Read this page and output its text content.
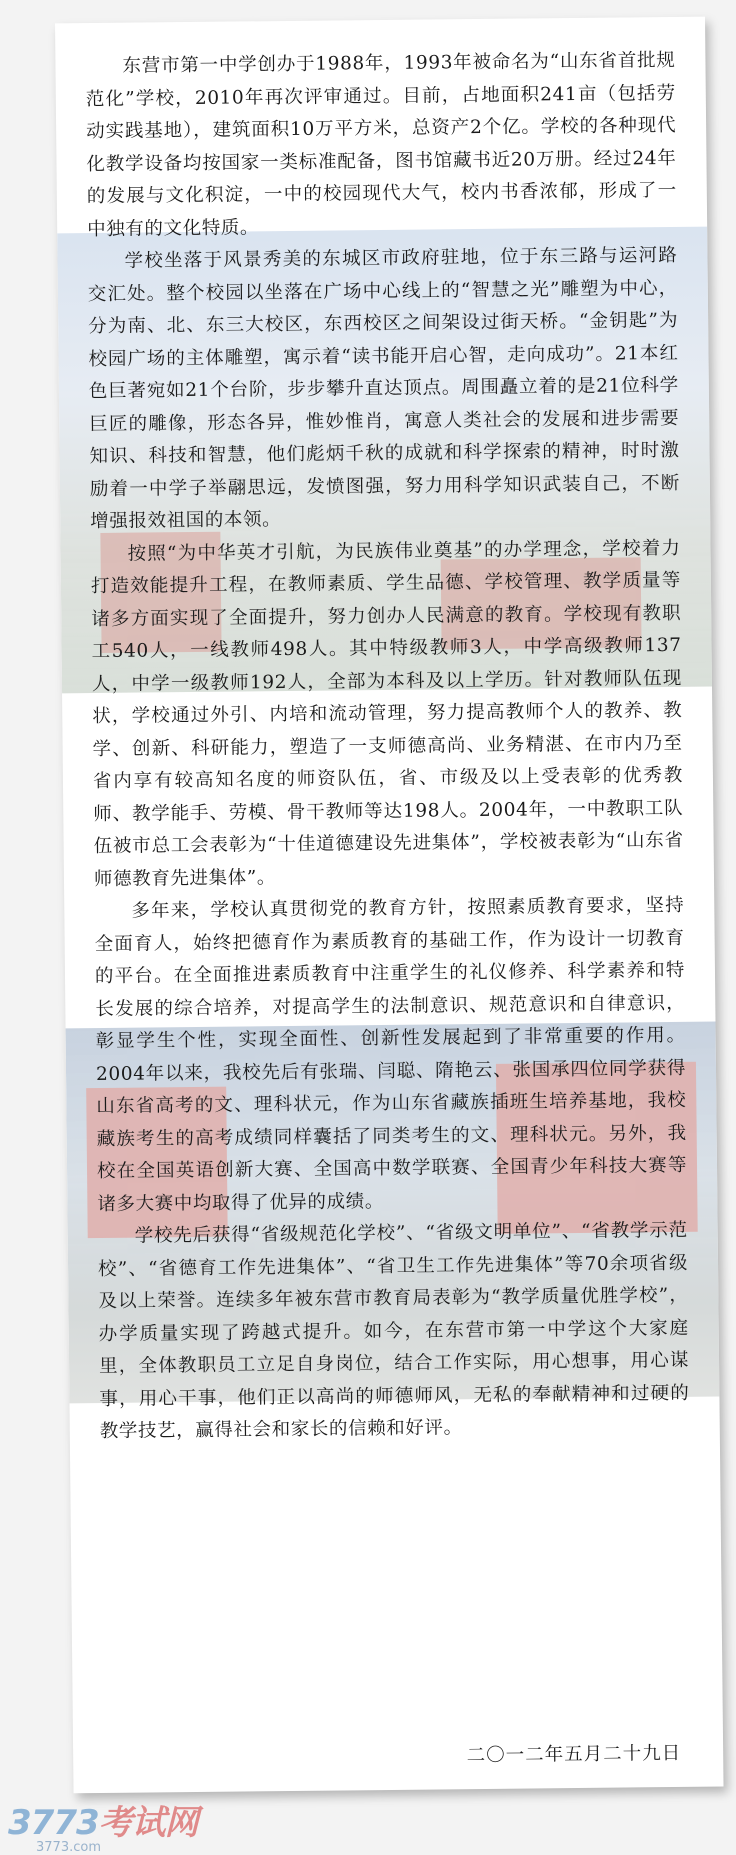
东营市第一中学创办于1988年，1993年被命名为“山东省首批规范化”学校，2010年再次评审通过。目前，占地面积241亩（包括劳动实践基地），建筑面积10万平方米，总资产2个亿。学校的各种现代化教学设备均按国家一类标准配备，图书馆藏书近20万册。经过24年的发展与文化积淀，一中的校园现代大气，校内书香浓郁，形成了一中独有的文化特质。

学校坐落于风景秀美的东城区市政府驻地，位于东三路与运河路交汇处。整个校园以坐落在广场中心线上的“智慧之光”雕塑为中心，分为南、北、东三大校区，东西校区之间架设过街天桥。“金钥匙”为校园广场的主体雕塑，寓示着“读书能开启心智，走向成功”。21本红色巨著宛如21个台阶，步步攀升直达顶点。周围矗立着的是21位科学巨匠的雕像，形态各异，惟妙惟肖，寓意人类社会的发展和进步需要知识、科技和智慧，他们彪炳千秋的成就和科学探索的精神，时时激励着一中学子举翮思远，发愤图强，努力用科学知识武装自己，不断增强报效祖国的本领。

按照“为中华英才引航，为民族伟业奠基”的办学理念，学校着力打造效能提升工程，在教师素质、学生品德、学校管理、教学质量等诸多方面实现了全面提升，努力创办人民满意的教育。学校现有教职工540人，一线教师498人。其中特级教师3人，中学高级教师137人，中学一级教师192人，全部为本科及以上学历。针对教师队伍现状，学校通过外引、内培和流动管理，努力提高教师个人的教养、教学、创新、科研能力，塑造了一支师德高尚、业务精湛、在市内乃至省内享有较高知名度的师资队伍，省、市级及以上受表彰的优秀教师、教学能手、劳模、骨干教师等达198人。2004年，一中教职工队伍被市总工会表彰为“十佳道德建设先进集体”，学校被表彰为“山东省师德教育先进集体”。

多年来，学校认真贯彻党的教育方针，按照素质教育要求，坚持全面育人，始终把德育作为素质教育的基础工作，作为设计一切教育的平台。在全面推进素质教育中注重学生的礼仪修养、科学素养和特长发展的综合培养，对提高学生的法制意识、规范意识和自律意识，彰显学生个性，实现全面性、创新性发展起到了非常重要的作用。2004年以来，我校先后有张瑞、闫聪、隋艳云、张国承四位同学获得山东省高考的文、理科状元，作为山东省藏族插班生培养基地，我校藏族考生的高考成绩同样囊括了同类考生的文、理科状元。另外，我校在全国英语创新大赛、全国高中数学联赛、全国青少年科技大赛等诸多大赛中均取得了优异的成绩。

学校先后获得“省级规范化学校”、“省级文明单位”、“省教学示范校”、“省德育工作先进集体”、“省卫生工作先进集体”等70余项省级及以上荣誉。连续多年被东营市教育局表彰为“教学质量优胜学校”，办学质量实现了跨越式提升。如今，在东营市第一中学这个大家庭里，全体教职员工立足自身岗位，结合工作实际，用心想事，用心谋事，用心干事，他们正以高尚的师德师风，无私的奉献精神和过硬的教学技艺，赢得社会和家长的信赖和好评。

二〇一二年五月二十九日
3773考试网
3773.com
